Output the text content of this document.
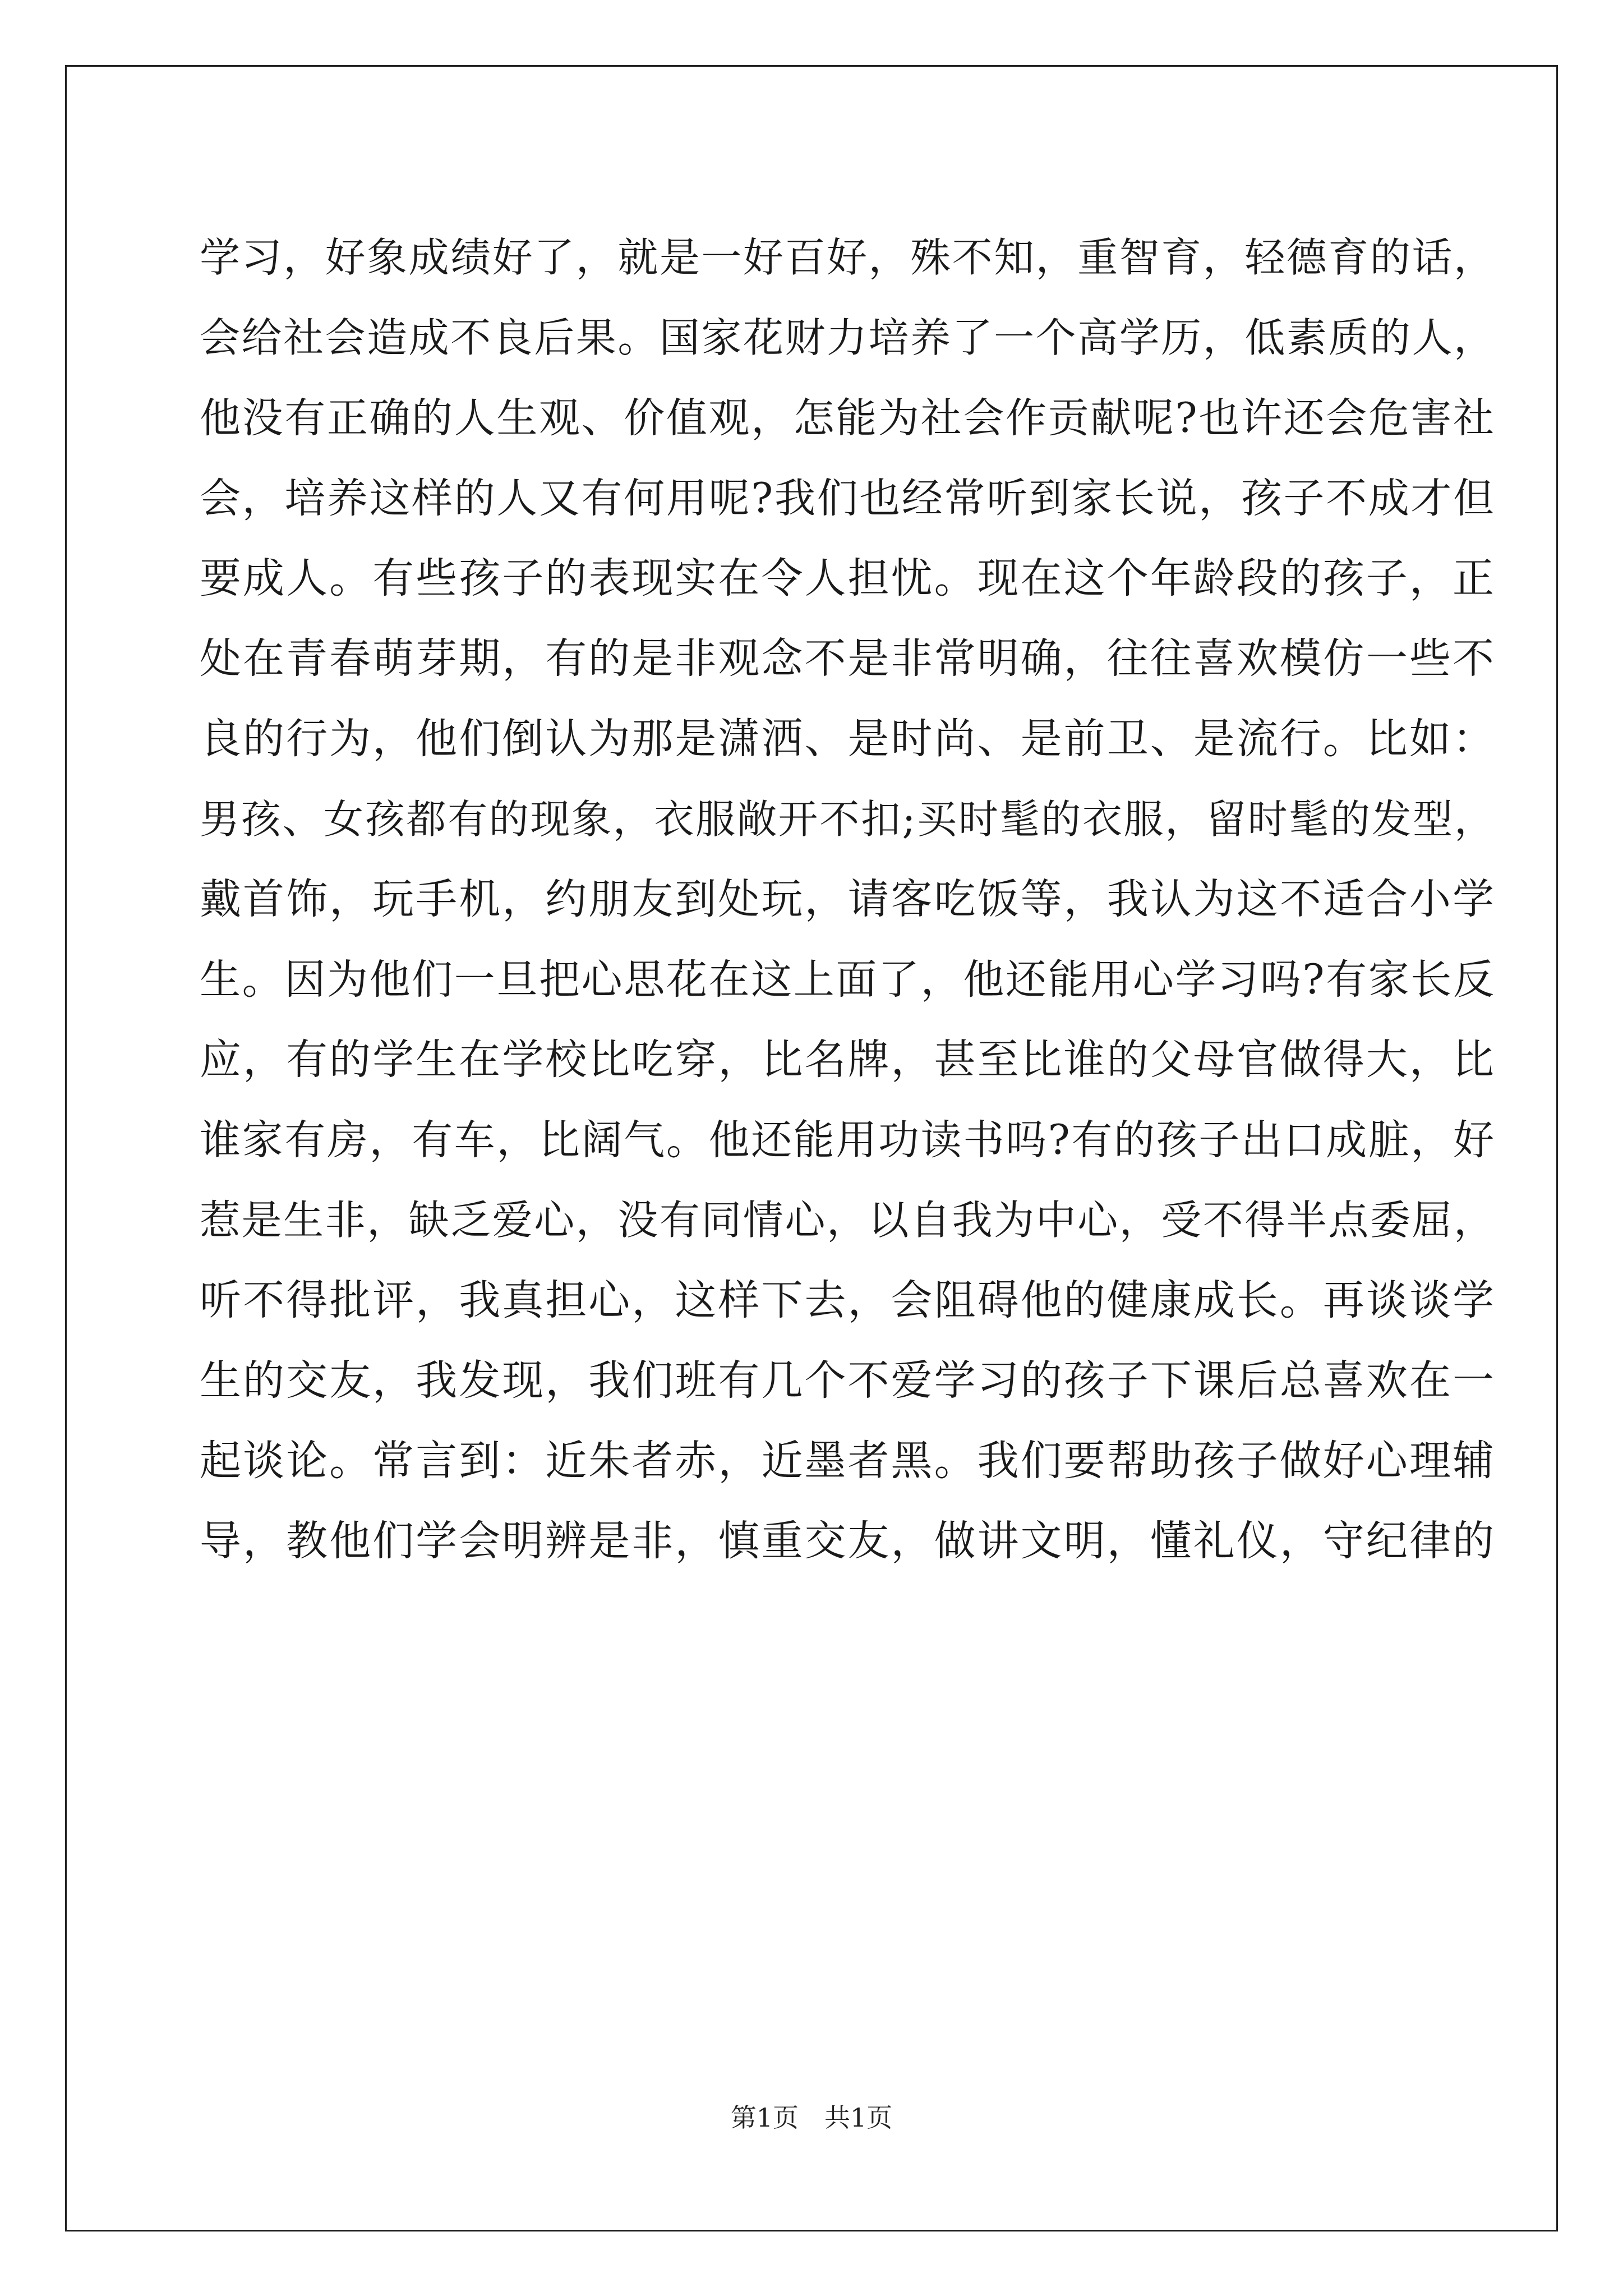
学习，好象成绩好了，就是一好百好，殊不知，重智育，轻德育的话，
会给社会造成不良后果。国家花财力培养了一个高学历，低素质的人，
他没有正确的人生观、价值观，怎能为社会作贡献呢?也许还会危害社
会，培养这样的人又有何用呢?我们也经常听到家长说，孩子不成才但
要成人。有些孩子的表现实在令人担忧。现在这个年龄段的孩子，正
处在青春萌芽期，有的是非观念不是非常明确，往往喜欢模仿一些不
良的行为，他们倒认为那是潇洒、是时尚、是前卫、是流行。比如：
男孩、女孩都有的现象，衣服敞开不扣;买时髦的衣服，留时髦的发型，
戴首饰，玩手机，约朋友到处玩，请客吃饭等，我认为这不适合小学
生。因为他们一旦把心思花在这上面了，他还能用心学习吗?有家长反
应，有的学生在学校比吃穿，比名牌，甚至比谁的父母官做得大，比
谁家有房，有车，比阔气。他还能用功读书吗?有的孩子出口成脏，好
惹是生非，缺乏爱心，没有同情心，以自我为中心，受不得半点委屈，
听不得批评，我真担心，这样下去，会阻碍他的健康成长。再谈谈学
生的交友，我发现，我们班有几个不爱学习的孩子下课后总喜欢在一
起谈论。常言到：近朱者赤，近墨者黑。我们要帮助孩子做好心理辅
导，教他们学会明辨是非，慎重交友，做讲文明，懂礼仪，守纪律的
第1页　共1页
